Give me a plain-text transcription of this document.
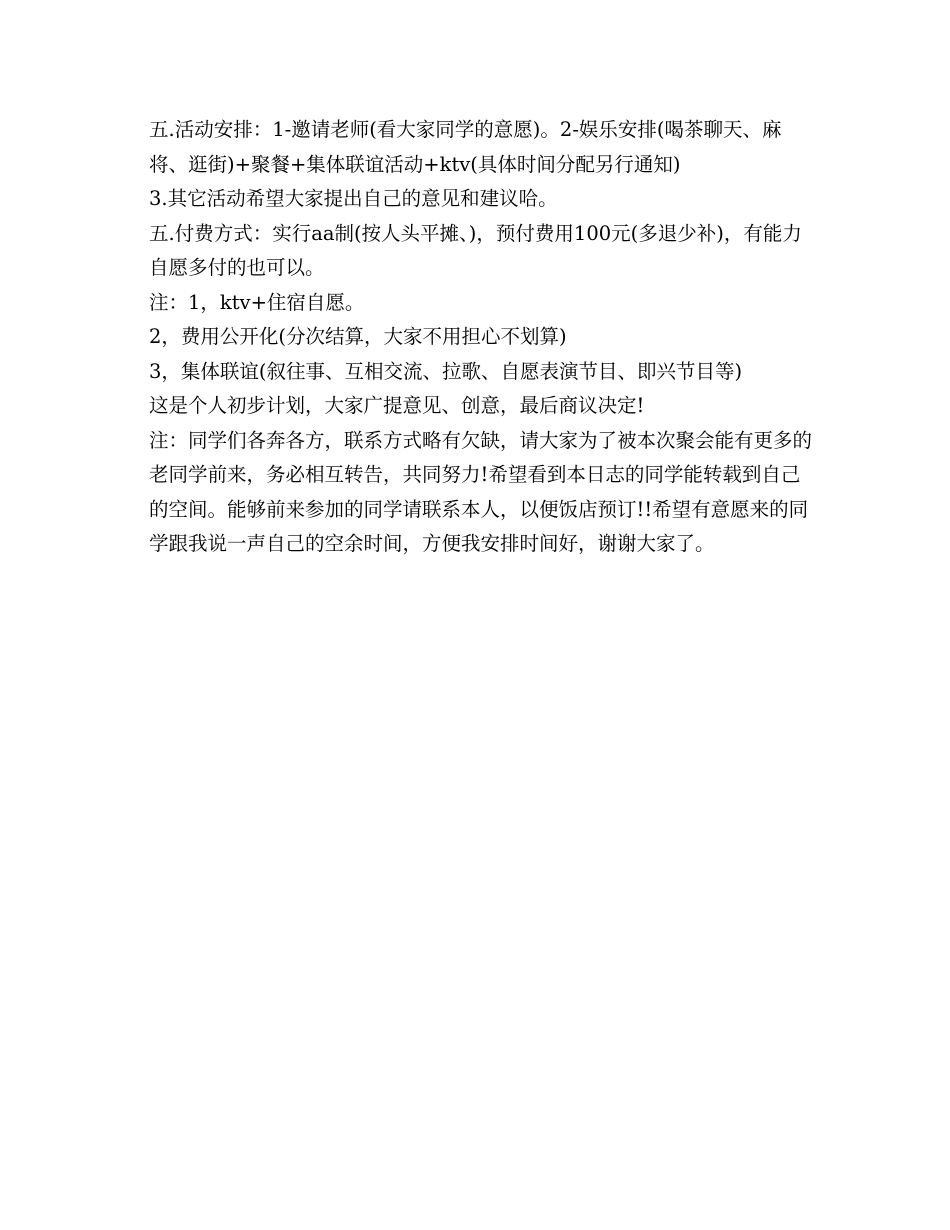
五.活动安排：1-邀请老师(看大家同学的意愿)。2-娱乐安排(喝茶聊天、麻将、逛街)+聚餐+集体联谊活动+ktv(具体时间分配另行通知)

3.其它活动希望大家提出自己的意见和建议哈。

五.付费方式：实行aa制(按人头平摊、)，预付费用100元(多退少补)，有能力自愿多付的也可以。

注：1，ktv+住宿自愿。

2，费用公开化(分次结算，大家不用担心不划算)

3，集体联谊(叙往事、互相交流、拉歌、自愿表演节目、即兴节目等)

这是个人初步计划，大家广提意见、创意，最后商议决定!

注：同学们各奔各方，联系方式略有欠缺，请大家为了被本次聚会能有更多的老同学前来，务必相互转告，共同努力!希望看到本日志的同学能转载到自己的空间。能够前来参加的同学请联系本人，以便饭店预订!!希望有意愿来的同学跟我说一声自己的空余时间，方便我安排时间好，谢谢大家了。
